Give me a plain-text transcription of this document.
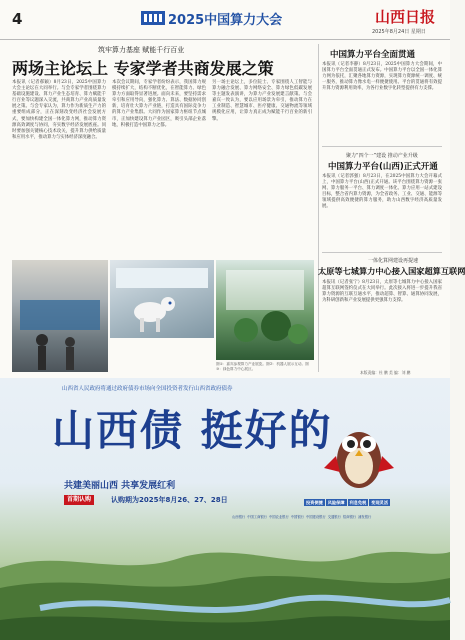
4	2025中国算力大会	山西日报
2025年8月24日 星期日
筑牢算力基座 赋能千行百业
两场主论坛上 专家学者共商发展之策
本报讯（记者郝颖）8月23日，2025中国算力大会主论坛在大同举行。与会专家学者围绕算力基础设施建设、算力产业生态培育、算力赋能千行百业等议题深入交流，共商算力产业高质量发展之策。与会专家认为，算力作为新质生产力的重要组成部分，正在深刻改变经济社会发展方式，要加快构建全国一体化算力网，推动算力资源高效调度与协同，夯实数字经济发展底座。同时要加强关键核心技术攻关，提升算力供给质量和应用水平，推动算力与实体经济深度融合。
本次会议期间，专家学者纷纷表示，我国算力规模持续扩大，结构不断优化，在智能算力、绿色算力方面取得显著进展。面向未来，要坚持需求牵引和应用导向，强化算力、算法、数据协同创新，培育壮大算力产业链，打造具有国际竞争力的算力产业集群。大同作为国家算力枢纽节点城市，正加快建设算力产业园区，吸引头部企业落地，积极打造中国算力之都。
另一场主论坛上，多位院士、专家围绕人工智能与算力融合发展、算力网络安全、算力绿色低碳发展等主题发表演讲，为算力产业发展建言献策。与会嘉宾一致认为，要以应用场景为牵引，推动算力在工业制造、智慧城市、医疗健康、交通物流等领域规模化应用，让算力真正成为赋能千行百业的新引擎。
图①：嘉宾参观算力产业展览。图②：机器人展示互动。图③：绿色算力中心展区。
中国算力平台全面贯通
本报讯（记者李静）8月23日，2025中国算力大会期间，中国算力平台全面贯通正式发布。中国算力平台以全国一体化算力网为依托，汇聚各地算力资源，实现算力资源统一调度、统一服务，推动算力像水电一样便捷使用。平台的贯通将有效提升算力资源利用效率，为各行业数字化转型提供有力支撑。
聚力“四个一”建设 推动产业升级
中国算力平台(山西)正式开通
本报讯（记者郭强）8月23日，在2025中国算力大会开幕式上，中国算力平台(山西)正式开通。该平台围绕算力资源一张网、算力服务一平台、算力调度一体化、算力应用一站式建设目标，整合省内算力资源，为全省政务、工业、交通、能源等领域提供高效便捷的算力服务，助力山西数字经济高质量发展。
一体化算网建设再提速
太原等七城算力中心接入国家超算互联网
本报讯（记者张宁）8月23日，太原等七城算力中心接入国家超算互联网签约仪式在大同举行。此次接入将进一步提升我省算力资源的互联互通水平，推动超算、智算、通算协同发展，为科研创新和产业发展提供更强算力支撑。
本版责编：杜 鹏 美 编：刘 鹏
山西省人民政府将通过政府债券市场向全国投资者发行山西省政府债券
山西债 挺好的
共建美丽山西 共享发展红利
首期认购	认购期为2025年8月26、27、28日	投资便捷	风险保障	利息免税	变现灵活
山西银行 中国工商银行 中国农业银行 中国银行 中国建设银行 交通银行 招商银行 浦发银行
